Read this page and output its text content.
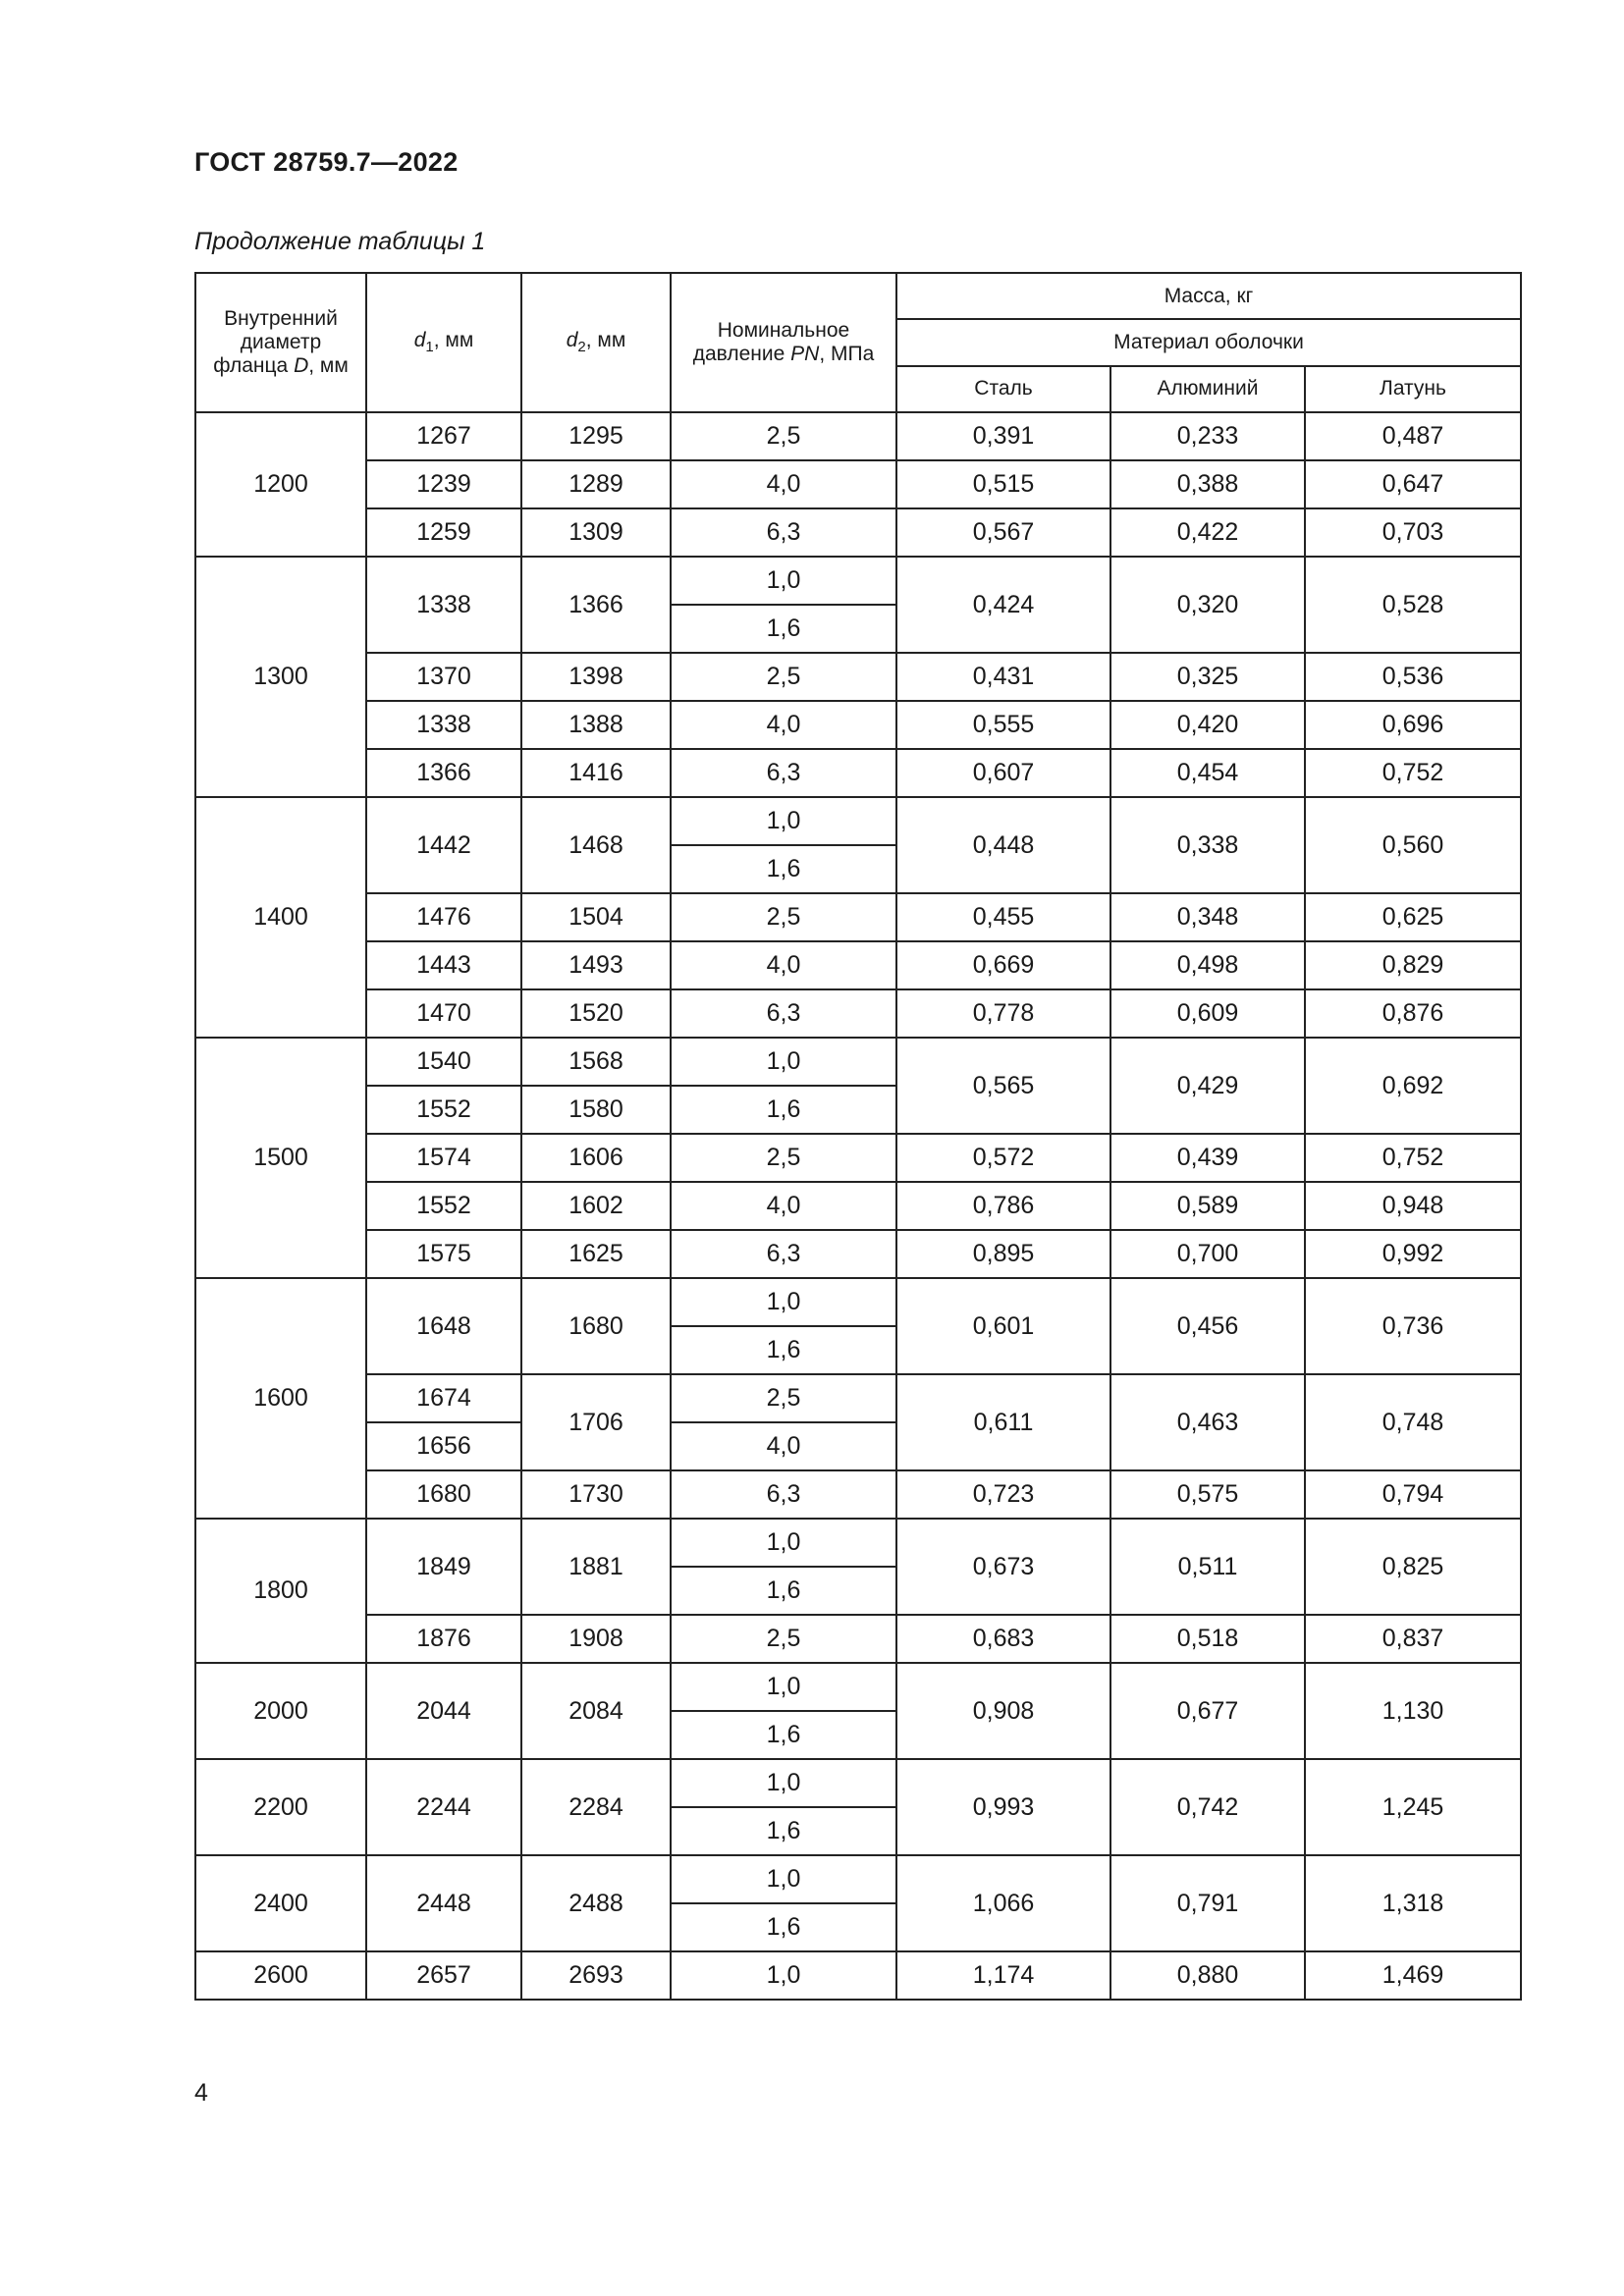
ГОСТ 28759.7—2022
Продолжение таблицы 1
Внутренний диаметр фланца D, мм	$d_1$, мм	$d_2$, мм	Номинальное давление PN, МПа	Масса, кг		
				Материал оболочки		
				Сталь	Алюминий	Латунь
1200	1267	1295	2,5	0,391	0,233	0,487
	1239	1289	4,0	0,515	0,388	0,647
	1259	1309	6,3	0,567	0,422	0,703
1300	1338	1366	1,0	0,424	0,320	0,528
			1,6			
	1370	1398	2,5	0,431	0,325	0,536
	1338	1388	4,0	0,555	0,420	0,696
	1366	1416	6,3	0,607	0,454	0,752
1400	1442	1468	1,0	0,448	0,338	0,560
			1,6			
	1476	1504	2,5	0,455	0,348	0,625
	1443	1493	4,0	0,669	0,498	0,829
	1470	1520	6,3	0,778	0,609	0,876
1500	1540	1568	1,0	0,565	0,429	0,692
	1552	1580	1,6			
	1574	1606	2,5	0,572	0,439	0,752
	1552	1602	4,0	0,786	0,589	0,948
	1575	1625	6,3	0,895	0,700	0,992
1600	1648	1680	1,0	0,601	0,456	0,736
			1,6			
	1674	1706	2,5	0,611	0,463	0,748
	1656		4,0			
	1680	1730	6,3	0,723	0,575	0,794
1800	1849	1881	1,0	0,673	0,511	0,825
			1,6			
	1876	1908	2,5	0,683	0,518	0,837
2000	2044	2084	1,0	0,908	0,677	1,130
			1,6			
2200	2244	2284	1,0	0,993	0,742	1,245
			1,6			
2400	2448	2488	1,0	1,066	0,791	1,318
			1,6			
2600	2657	2693	1,0	1,174	0,880	1,469
4
